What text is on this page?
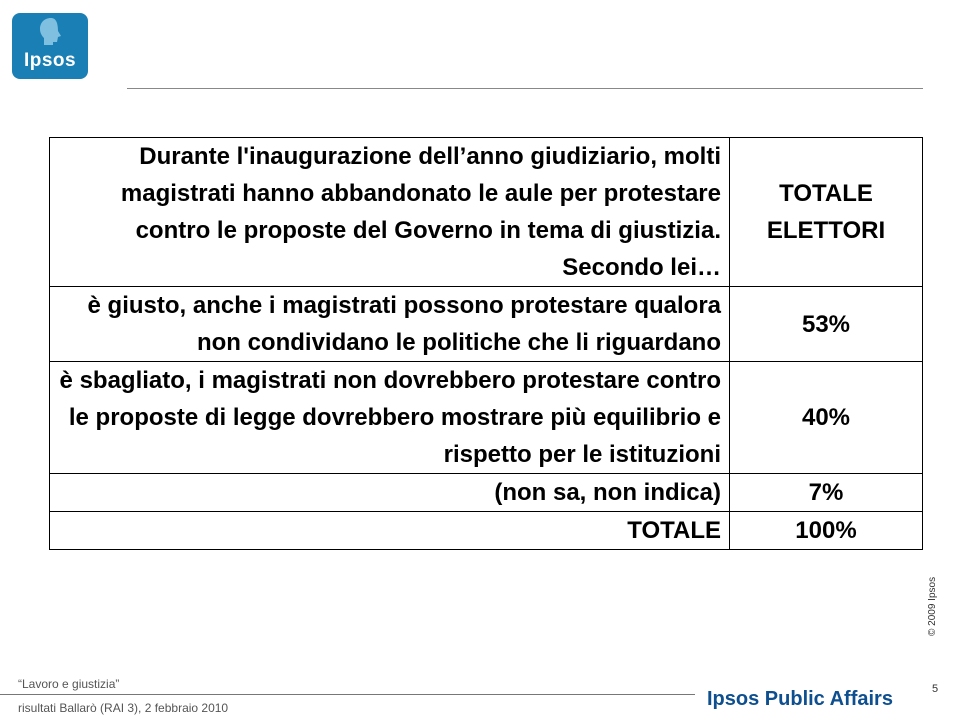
Ipsos
Durante l'inaugurazione dell’anno giudiziario, molti magistrati hanno abbandonato le aule per protestare contro le proposte del Governo in tema di giustizia. Secondo lei…	TOTALE ELETTORI
è giusto, anche i magistrati possono protestare qualora non condividano le politiche che li riguardano	53%
è sbagliato, i magistrati non dovrebbero protestare contro le proposte di legge dovrebbero mostrare più equilibrio e rispetto per le istituzioni	40%
(non sa, non indica)	7%
TOTALE	100%
© 2009 Ipsos
5
“Lavoro e giustizia”
risultati Ballarò (RAI 3), 2 febbraio 2010	Ipsos Public Affairs
